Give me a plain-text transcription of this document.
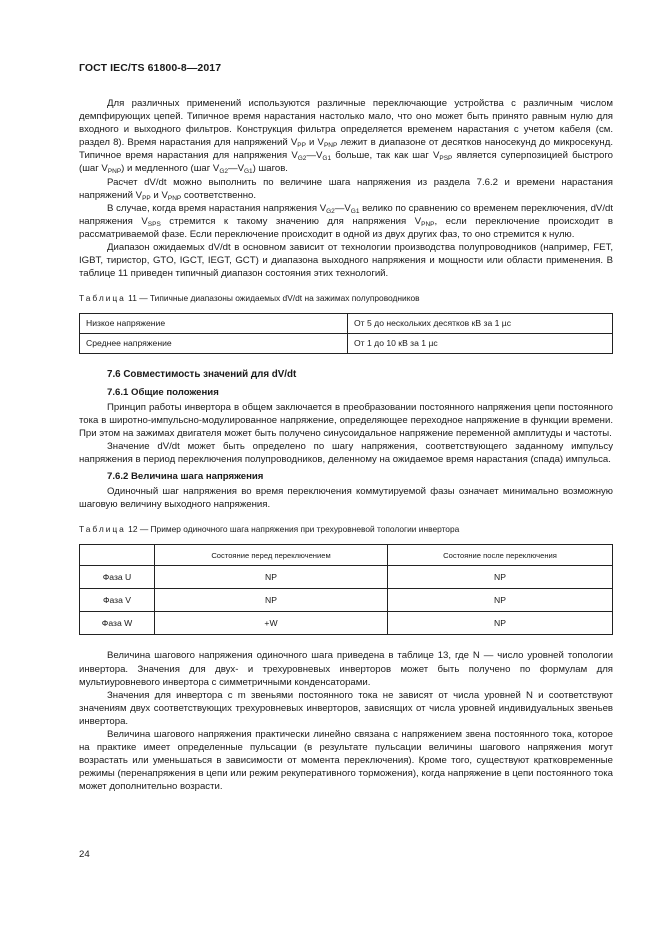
ГОСТ IEC/TS 61800-8—2017

Для различных применений используются различные переключающие устройства с различным числом демпфирующих цепей. Типичное время нарастания настолько мало, что оно может быть принято равным нулю для входного и выходного фильтров. Конструкция фильтра определяется временем нарастания с учетом кабеля (см. раздел 8). Время нарастания для напряжений $V_{PP}$ и $V_{PNP}$ лежит в диапазоне от десятков наносекунд до микросекунд. Типичное время нарастания для напряжения $V_{G2}—V_{G1}$ больше, так как шаг $V_{PSP}$ является суперпозицией быстрого (шаг $V_{PNP}$) и медленного (шаг $V_{G2}—V_{G1}$) шагов.

Расчет dV/dt можно выполнить по величине шага напряжения из раздела 7.6.2 и времени нарастания напряжений $V_{PP}$ и $V_{PNP}$ соответственно.

В случае, когда время нарастания напряжения $V_{G2}—V_{G1}$ велико по сравнению со временем переключения, dV/dt напряжения $V_{SPS}$ стремится к такому значению для напряжения $V_{PNP}$, если переключение происходит в рассматриваемой фазе. Если переключение происходит в одной из двух других фаз, то оно стремится к нулю.

Диапазон ожидаемых dV/dt в основном зависит от технологии производства полупроводников (например, FET, IGBT, тиристор, GTO, IGCT, IEGT, GCT) и диапазона выходного напряжения и мощности или области применения. В таблице 11 приведен типичный диапазон состояния этих технологий.

Таблица 11 — Типичные диапазоны ожидаемых dV/dt на зажимах полупроводников
Низкое напряжение	От 5 до нескольких десятков кВ за 1 µс
Среднее напряжение	От 1 до 10 кВ за 1 µс
7.6 Совместимость значений для dV/dt
7.6.1 Общие положения

Принцип работы инвертора в общем заключается в преобразовании постоянного напряжения цепи постоянного тока в широтно-импульсно-модулированное напряжение, определяющее переходное напряжение в функции времени. При этом на зажимах двигателя может быть получено синусоидальное напряжение переменной амплитуды и частоты.

Значение dV/dt может быть определено по шагу напряжения, соответствующего заданному импульсу напряжения в период переключения полупроводников, деленному на ожидаемое время нарастания (спада) импульса.

7.6.2 Величина шага напряжения

Одиночный шаг напряжения во время переключения коммутируемой фазы означает минимально возможную шаговую величину выходного напряжения.

Таблица 12 — Пример одиночного шага напряжения при трехуровневой топологии инвертора
	Состояние перед переключением	Состояние после переключения
Фаза U	NP	NP
Фаза V	NP	NP
Фаза W	+W	NP

Величина шагового напряжения одиночного шага приведена в таблице 13, где N — число уровней топологии инвертора. Значения для двух- и трехуровневых инверторов может быть получено по формулам для мультиуровневого инвертора с симметричными конденсаторами.

Значения для инвертора с m звеньями постоянного тока не зависят от числа уровней N и соответствуют значениям двух соответствующих трехуровневых инверторов, зависящих от числа уровней индивидуальных звеньев инвертора.

Величина шагового напряжения практически линейно связана с напряжением звена постоянного тока, которое на практике имеет определенные пульсации (в результате пульсации величины шагового напряжения могут возрастать или уменьшаться в зависимости от момента переключения). Кроме того, существуют кратковременные режимы (перенапряжения в цепи или режим рекуперативного торможения), когда напряжение в цепи постоянного тока может дополнительно возрасти.

24
